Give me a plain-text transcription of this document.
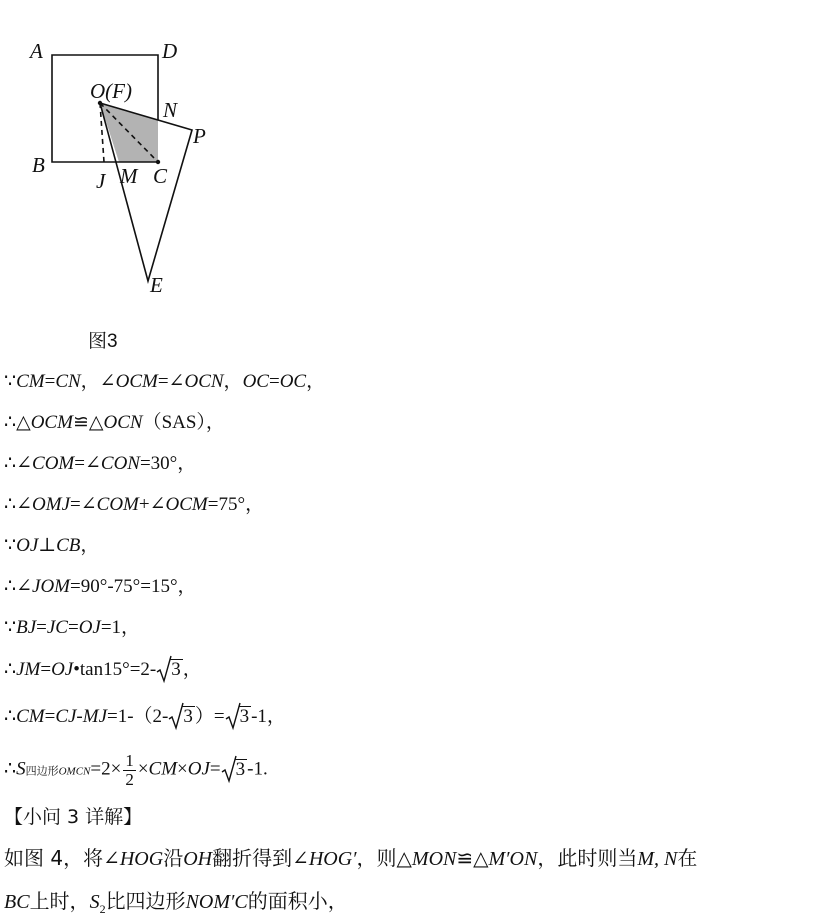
A	D
O(F)
N
P
B
J M C
E
图3
∵CM=CN，∠OCM=∠OCN，OC=OC，
∴△OCM≌△OCN（SAS），
∴∠COM=∠CON=30°，
∴∠OMJ=∠COM+∠OCM=75°，
∵OJ⊥CB，
∴∠JOM=90°-75°=15°，
∵BJ=JC=OJ=1，
∴JM=OJ•tan15°=2- 3 ，
∴CM=CJ-MJ=1-（2- 3 ）= 3 -1，
∴S四边形OMCN=2× $\frac{1}{2} \times CM\times OJ= 3$ -1.
【小问 3 详解】
如图 4，将∠HOG沿OH翻折得到∠HOG′，则△MON≌△M′ON，此时则当M, N在
BC上时，$S_2$比四边形NOM′C的面积小，
